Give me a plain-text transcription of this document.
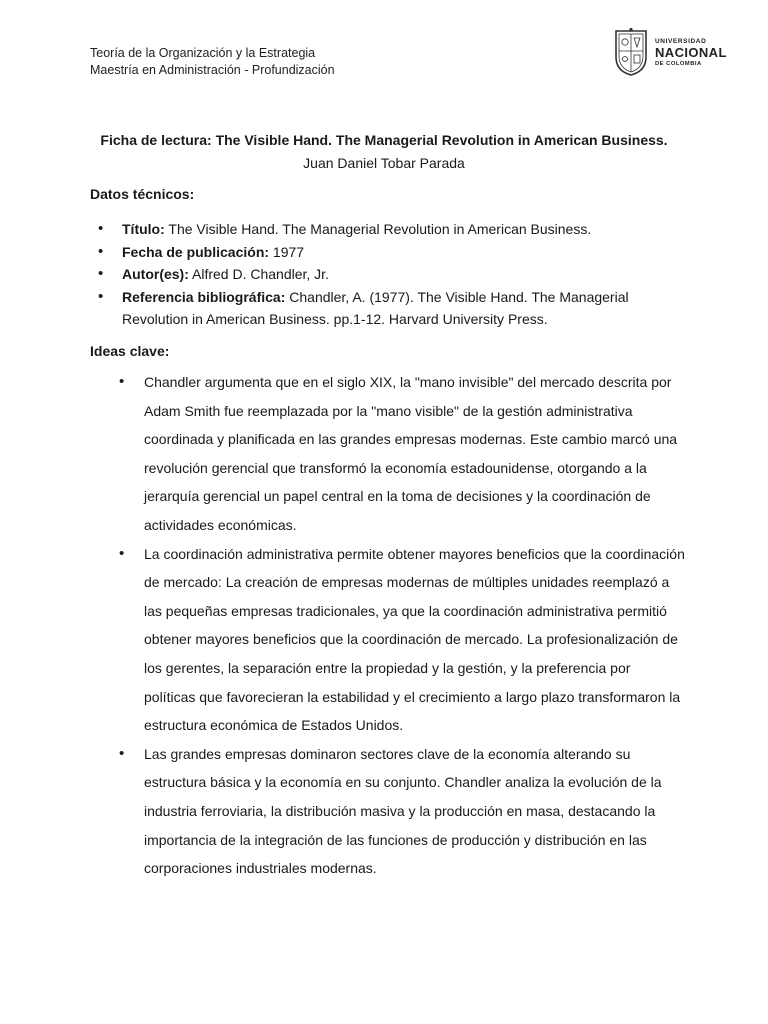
Teoría de la Organización y la Estrategia
Maestría en Administración - Profundización
UNIVERSIDAD
NACIONAL
DE COLOMBIA
Ficha de lectura: The Visible Hand. The Managerial Revolution in American Business.
Juan Daniel Tobar Parada
Datos técnicos:
• Título: The Visible Hand. The Managerial Revolution in American Business.
• Fecha de publicación: 1977
• Autor(es): Alfred D. Chandler, Jr.
• Referencia bibliográfica: Chandler, A. (1977). The Visible Hand. The Managerial Revolution in American Business. pp.1-12. Harvard University Press.
Ideas clave:
• Chandler argumenta que en el siglo XIX, la "mano invisible" del mercado descrita por Adam Smith fue reemplazada por la "mano visible" de la gestión administrativa coordinada y planificada en las grandes empresas modernas. Este cambio marcó una revolución gerencial que transformó la economía estadounidense, otorgando a la jerarquía gerencial un papel central en la toma de decisiones y la coordinación de actividades económicas.
• La coordinación administrativa permite obtener mayores beneficios que la coordinación de mercado: La creación de empresas modernas de múltiples unidades reemplazó a las pequeñas empresas tradicionales, ya que la coordinación administrativa permitió obtener mayores beneficios que la coordinación de mercado. La profesionalización de los gerentes, la separación entre la propiedad y la gestión, y la preferencia por políticas que favorecieran la estabilidad y el crecimiento a largo plazo transformaron la estructura económica de Estados Unidos.
• Las grandes empresas dominaron sectores clave de la economía alterando su estructura básica y la economía en su conjunto. Chandler analiza la evolución de la industria ferroviaria, la distribución masiva y la producción en masa, destacando la importancia de la integración de las funciones de producción y distribución en las corporaciones industriales modernas.
